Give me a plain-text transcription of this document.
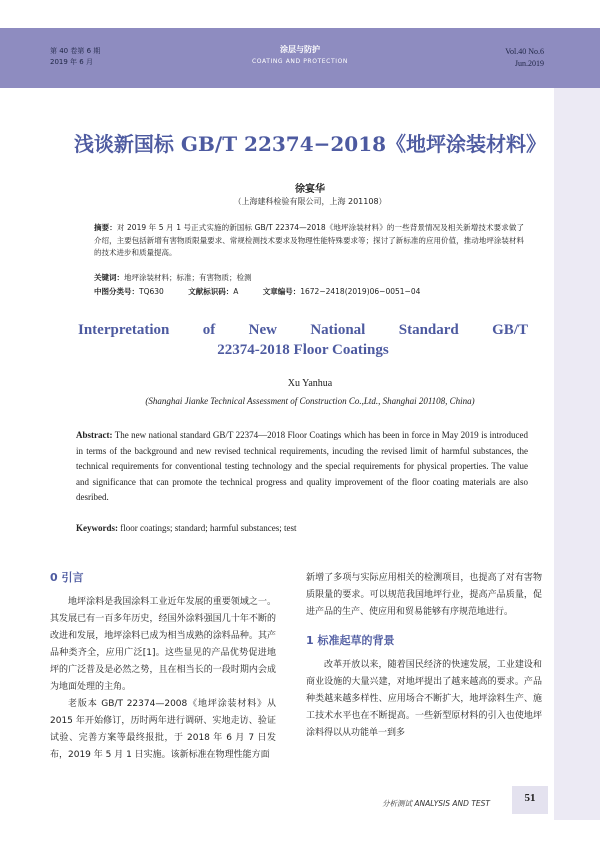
第 40 卷第 6 期
2019 年 6 月
涂层与防护
COATING AND PROTECTION
Vol.40 No.6
Jun.2019
浅谈新国标 GB/T 22374−2018《地坪涂装材料》
徐宴华
（上海建科检验有限公司，上海 201108）
摘要：对 2019 年 5 月 1 号正式实施的新国标 GB/T 22374—2018《地坪涂装材料》的一些背景情况及相关新增技术要求做了介绍，主要包括新增有害物质限量要求、常规检测技术要求及物理性能特殊要求等；探讨了新标准的应用价值，推动地坪涂装材料的技术进步和质量提高。
关键词：地坪涂装材料；标准；有害物质；检测
中图分类号：TQ630	文献标识码：A	文章编号：1672−2418(2019)06−0051−04
Interpretation of New National Standard GB/T
22374-2018 Floor Coatings
Xu Yanhua
(Shanghai Jianke Technical Assessment of Construction Co.,Ltd., Shanghai 201108, China)
Abstract: The new national standard GB/T 22374—2018 Floor Coatings which has been in force in May 2019 is introduced in terms of the background and new revised technical requirements, incuding the revised limit of harmful substances, the technical requirements for conventional testing technology and the special requirements for physical properties. The value and significance that can promote the technical progress and quality improvement of the floor coating materials are also desribed.
Keywords: floor coatings; standard; harmful substances; test
0 引言

地坪涂料是我国涂料工业近年发展的重要领域之一。其发展已有一百多年历史，经国外涂料强国几十年不断的改进和发展，地坪涂料已成为相当成熟的涂料品种。其产品种类齐全，应用广泛[1]。这些显见的产品优势促进地坪的广泛普及是必然之势，且在相当长的一段时期内会成为地面处理的主角。

老版本 GB/T 22374—2008《地坪涂装材料》从 2015 年开始修订，历时两年进行调研、实地走访、验证试验、完善方案等最终报批，于 2018 年 6 月 7 日发布，2019 年 5 月 1 日实施。该新标准在物理性能方面

新增了多项与实际应用相关的检测项目，也提高了对有害物质限量的要求。可以规范我国地坪行业，提高产品质量，促进产品的生产、使应用和贸易能够有序规范地进行。

1 标准起草的背景

改革开放以来，随着国民经济的快速发展，工业建设和商业设施的大量兴建，对地坪提出了越来越高的要求。产品种类越来越多样性、应用场合不断扩大，地坪涂料生产、施工技术水平也在不断提高。一些新型原材料的引入也使地坪涂料得以从功能单一到多

分析测试 ANALYSIS AND TEST	51
